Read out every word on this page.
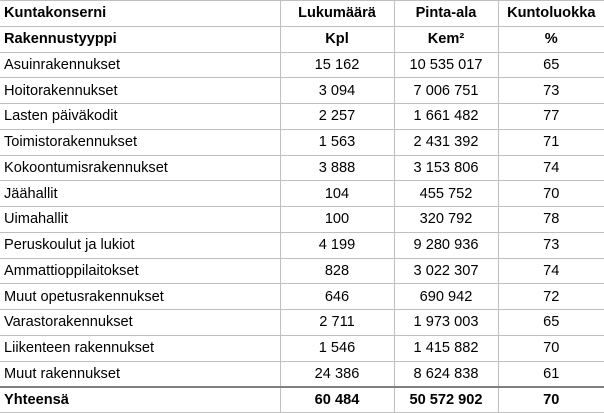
Kuntakonserni	Lukumäärä	Pinta-ala	Kuntoluokka
Rakennustyyppi	Kpl	Kem²	%
Asuinrakennukset	15 162	10 535 017	65
Hoitorakennukset	3 094	7 006 751	73
Lasten päiväkodit	2 257	1 661 482	77
Toimistorakennukset	1 563	2 431 392	71
Kokoontumisrakennukset	3 888	3 153 806	74
Jäähallit	104	455 752	70
Uimahallit	100	320 792	78
Peruskoulut ja lukiot	4 199	9 280 936	73
Ammattioppilaitokset	828	3 022 307	74
Muut opetusrakennukset	646	690 942	72
Varastorakennukset	2 711	1 973 003	65
Liikenteen rakennukset	1 546	1 415 882	70
Muut rakennukset	24 386	8 624 838	61
Yhteensä	60 484	50 572 902	70
